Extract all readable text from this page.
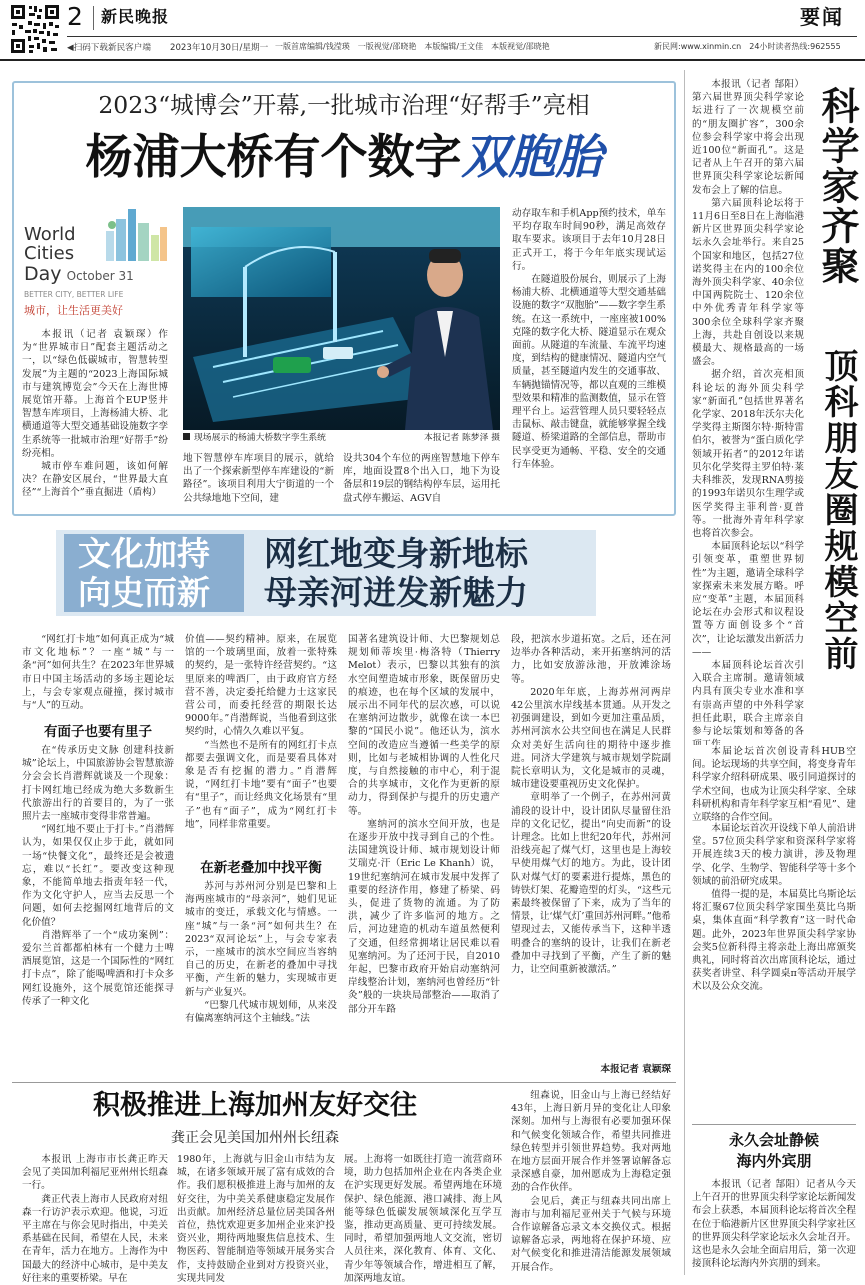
2 新民晚报	要闻
◀扫码下载新民客户端 2023年10月30日/星期一 一版首席编辑/钱滢瑛　一版视觉/邵晓艳　本版编辑/王文佳　本版视觉/邵晓艳	新民网:www.xinmin.cn　24小时读者热线:962555
2023“城博会”开幕,一批城市治理“好帮手”亮相
杨浦大桥有个数字双胞胎
World
Cities
Day October 31
BETTER CITY, BETTER LIFE
城市，让生活更美好

本报讯（记者 袁颖琛）作为“世界城市日”配套主题活动之一，以“绿色低碳城市，智慧转型发展”为主题的“2023上海国际城市与建筑博览会”今天在上海世博展览馆开幕。上海首个EUP竖井智慧车库项目，上海杨浦大桥、北横通道等大型交通基础设施数字孪生系统等一批城市治理“好帮手”纷纷亮相。

城市停车难问题，该如何解决？在静安区展台，“世界最大直径”“上海首个”垂直掘进（盾构）

现场展示的杨浦大桥数字孪生系统	本报记者 陈梦泽 摄

地下智慧停车库项目的展示，就给出了一个探索新型停车库建设的“新路径”。该项目利用大宁街道的一个公共绿地地下空间，建

设共304个车位的两座智慧地下停车库，地面设置8个出入口，地下为设备层和19层的钢结构停车层，运用托盘式停车搬运、AGV自

动存取车和手机App预约技术，单车平均存取车时间90秒，满足高效存取车要求。该项目于去年10月28日正式开工，将于今年年底实现试运行。

在隧道股份展台，则展示了上海杨浦大桥、北横通道等大型交通基础设施的数字“双胞胎”——数字孪生系统。在这一系统中，一座座被100%克隆的数字化大桥、隧道显示在观众面前。从隧道的车流量、车流平均速度，到结构的健康情况、隧道内空气质量，甚至隧道内发生的交通事故、车辆抛锚情况等，都以直观的三维模型效果和精准的监测数值，显示在管理平台上。运营管理人员只要轻轻点击鼠标、敲击键盘，就能够掌握全线隧道、桥梁道路的全部信息，帮助市民享受更为通畅、平稳、安全的交通行车体验。

本报讯（记者 郜阳）第六届世界顶尖科学家论坛进行了一次规模空前的“朋友圈扩容”，300余位参会科学家中将会出现近100位“新面孔”。这是记者从上午召开的第六届世界顶尖科学家论坛新闻发布会上了解的信息。

第六届顶科论坛将于11月6日至8日在上海临港新片区世界顶尖科学家论坛永久会址举行。来自25个国家和地区，包括27位诺奖得主在内的100余位海外顶尖科学家、40余位中国两院院士、120余位中外优秀青年科学家等300余位全球科学家齐聚上海，共赴自创设以来规模最大、规格最高的一场盛会。

据介绍，首次亮相顶科论坛的海外顶尖科学家“新面孔”包括世界著名化学家、2018年沃尔夫化学奖得主斯图尔特·斯特雷伯尔，被誉为“蛋白质化学领域开拓者”的2012年诺贝尔化学奖得主罗伯特·莱夫科维茨，发现RNA剪接的1993年诺贝尔生理学或医学奖得主菲利普·夏普等。一批海外青年科学家也将首次参会。

本届顶科论坛以“科学引领变革，重塑世界韧性”为主题，邀请全球科学家探索未来发展方略。呼应“变革”主题，本届顶科论坛在办会形式和议程设置等方面创设多个“首次”，让论坛激发出新活力——

本届顶科论坛首次引入联合主席制。邀请领域内具有顶尖专业水准和享有崇高声望的中外科学家担任此职，联合主席亲自参与论坛策划和筹备的各

科学家齐聚
顶科朋友圈规模空前

本届论坛首次创设青科HUB空间。论坛现场的共享空间，将变身青年科学家介绍科研成果、吸引同道探讨的学术空间，也成为让顶尖科学家、全球科研机构和青年科学家互相“看见”、建立联络的合作空间。

本届论坛首次开设线下单人前沿讲堂。57位顶尖科学家和资深科学家将开展连续3天的梭力演讲，涉及物理学、化学、生物学、智能科学等十多个领域的前沿研究成果。

值得一提的是，本届莫比乌斯论坛将汇聚67位顶尖科学家围坐莫比乌斯桌，集体直面“科学教育”这一时代命题。此外，2023年世界顶尖科学家协会奖5位新科得主将亲赴上海出席颁奖典礼，同时将首次出席顶科论坛，通过获奖者讲堂、科学圆桌π等活动开展学术以及公众交流。

永久会址静候
海内外宾朋

本报讯（记者 郜阳）记者从今天上午召开的世界顶尖科学家论坛新闻发布会上获悉，本届顶科论坛将首次全程在位于临港新片区世界顶尖科学家社区的世界顶尖科学家论坛永久会址召开。这也是永久会址全面启用后，第一次迎接顶科论坛海内外宾朋的到来。

文化加持
向史而新
网红地变身新地标
母亲河迸发新魅力

“网红打卡地”如何真正成为“城市文化地标”？一座“城”与一条“河”如何共生？在2023年世界城市日中国主场活动的多场主题论坛上，与会专家观点碰撞，探讨城市与“人”的互动。

有面子也要有里子

在“传承历史文脉 创建科技新城”论坛上，中国旅游协会智慧旅游分会会长肖潜辉就谈及一个现象：打卡网红地已经成为绝大多数新生代旅游出行的首要目的，为了一张照片去一座城市变得非常普遍。

“网红地不要止于打卡。”肖潜辉认为，如果仅仅止步于此，就如同一场“快餐文化”，最终还是会被遗忘，难以“长红”。要改变这种现象，不能简单地去指责年轻一代，作为文化守护人，应当去反思一个问题，如何去挖掘网红地背后的文化价值？

肖潜辉举了一个“成功案例”：爱尔兰首都都柏林有一个健力士啤酒展览馆，这是一个国际性的“网红打卡点”，除了能喝啤酒和打卡众多网红设施外，这个展览馆还能探寻传承了一种文化

价值——契约精神。原来，在展览馆的一个玻璃里面，放着一张特殊的契约，是一张特许经营契约。“这里原来的啤酒厂，由于政府官方经营不善，决定委托给健力士这家民营公司，而委托经营的期限长达9000年。”肖潜辉说，当他看到这张契约时，心情久久难以平复。

“当然也不是所有的网红打卡点都要去强调文化，而是要看具体对象是否有挖掘的潜力。”肖潜辉说，“网红打卡地”要有“面子”也要有“里子”，而让经典文化场景有“里子”也有“面子”，成为“网红打卡地”，同样非常重要。

在新老叠加中找平衡

苏河与苏州河分别是巴黎和上海两座城市的“母亲河”，她们见证城市的变迁，承载文化与情感。一座“城”与一条“河”如何共生？在2023“双河论坛”上，与会专家表示，一座城市的滨水空间应当容纳自己的历史，在新老的叠加中寻找平衡，产生新的魅力，实现城市更新与产业复兴。

“巴黎几代城市规划师，从来没有偏离塞纳河这个主轴线。”法

国著名建筑设计师、大巴黎规划总规划师蒂埃里·梅洛特（Thierry Melot）表示，巴黎以其独有的滨水空间塑造城市形象，既保留历史的痕迹，也在每个区域的发展中，展示出不同年代的层次感，可以说在塞纳河边散步，就像在读一本巴黎的“国民小说”。他还认为，滨水空间的改造应当遵循一些美学的原则，比如与老城相协调的人性化尺度，与自然接触的市中心，利于混合的共享城市，文化作为更新的原动力，得到保护与提升的历史遗产等。

塞纳河的滨水空间开放，也是在逐步开放中找寻到自己的个性。法国建筑设计师、城市规划设计师艾瑞克·汗（Eric Le Khanh）说，19世纪塞纳河在城市发展中发挥了重要的经济作用，修建了桥梁、码头，促进了货物的流通。为了防洪，减少了许多临河的地方。之后，河边建造的机动车道虽然便利了交通，但经常拥堵让居民难以看见塞纳河。为了还河于民，自2010年起，巴黎市政府开始启动塞纳河岸线整治计划，塞纳河也曾经历“针灸”般的一块块局部整治——取消了部分开车路

段，把滨水步道拓宽。之后，还在河边举办各种活动，来开拓塞纳河的活力，比如安放游泳池，开放滩涂场等。

2020年年底，上海苏州河两岸42公里滨水岸线基本贯通。从开发之初强调建设，到如今更加注重品质，苏州河滨水公共空间也在满足人民群众对美好生活向往的期待中逐步推进。同济大学建筑与城市规划学院副院长章明认为，文化是城市的灵魂，城市建设要重视历史文化保护。

章明举了一个例子，在苏州河黄浦段的设计中，设计团队尽量留住沿岸的文化记忆，提出“向史而新”的设计理念。比如上世纪20年代，苏州河沿线亮起了煤气灯，这里也是上海较早使用煤气灯的地方。为此，设计团队对煤气灯的要素进行提炼，黑色的铸铁灯架、花瓣造型的灯头，“这些元素最终被保留了下来，成为了当年的情景，让‘煤气灯’重回苏州河畔。”他希望现过去，又能传承当下，这种半透明叠合的塞纳的设计，让我们在新老叠加中寻找到了平衡，产生了新的魅力，让空间重新被激活。”

本报记者 袁颖琛
积极推进上海加州友好交往
龚正会见美国加州州长纽森

本报讯 上海市市长龚正昨天会见了美国加利福尼亚州州长纽森一行。

龚正代表上海市人民政府对纽森一行访沪表示欢迎。他说，习近平主席在与你会见时指出，中美关系基础在民间，希望在人民，未来在青年，活力在地方。上海作为中国最大的经济中心城市，是中美友好往来的重要桥梁。早在

1980年，上海就与旧金山市结为友城，在诸多领域开展了富有成效的合作。我们愿积极推进上海与加州的友好交往，为中美关系健康稳定发展作出贡献。加州经济总量位居美国各州首位，热忱欢迎更多加州企业来沪投资兴业，期待两地聚焦信息技术、生物医药、智能制造等领域开展务实合作，支持鼓励企业到对方投资兴业，实现共同发

展。上海将一如既往打造一流营商环境，助力包括加州企业在内各类企业在沪实现更好发展。希望两地在环境保护、绿色能源、港口减排、海上风能等绿色低碳发展领域深化互学互鉴，推动更高质量、更可持续发展。同时，希望加强两地人文交流，密切人员往来，深化教育、体育、文化、青少年等领域合作，增进相互了解，加深两地友谊。

纽森说，旧金山与上海已经结好43年，上海日新月异的变化让人印象深刻。加州与上海很有必要加强环保和气候变化领域合作，希望共同推进绿色转型并引领世界趋势。我对两地在地方层面开展合作并签署谅解备忘录深感自豪，加州愿成为上海稳定强劲的合作伙伴。

会见后，龚正与纽森共同出席上海市与加利福尼亚州关于气候与环境合作谅解备忘录文本交换仪式。根据谅解备忘录，两地将在保护环境、应对气候变化和推进清洁能源发展领域开展合作。
